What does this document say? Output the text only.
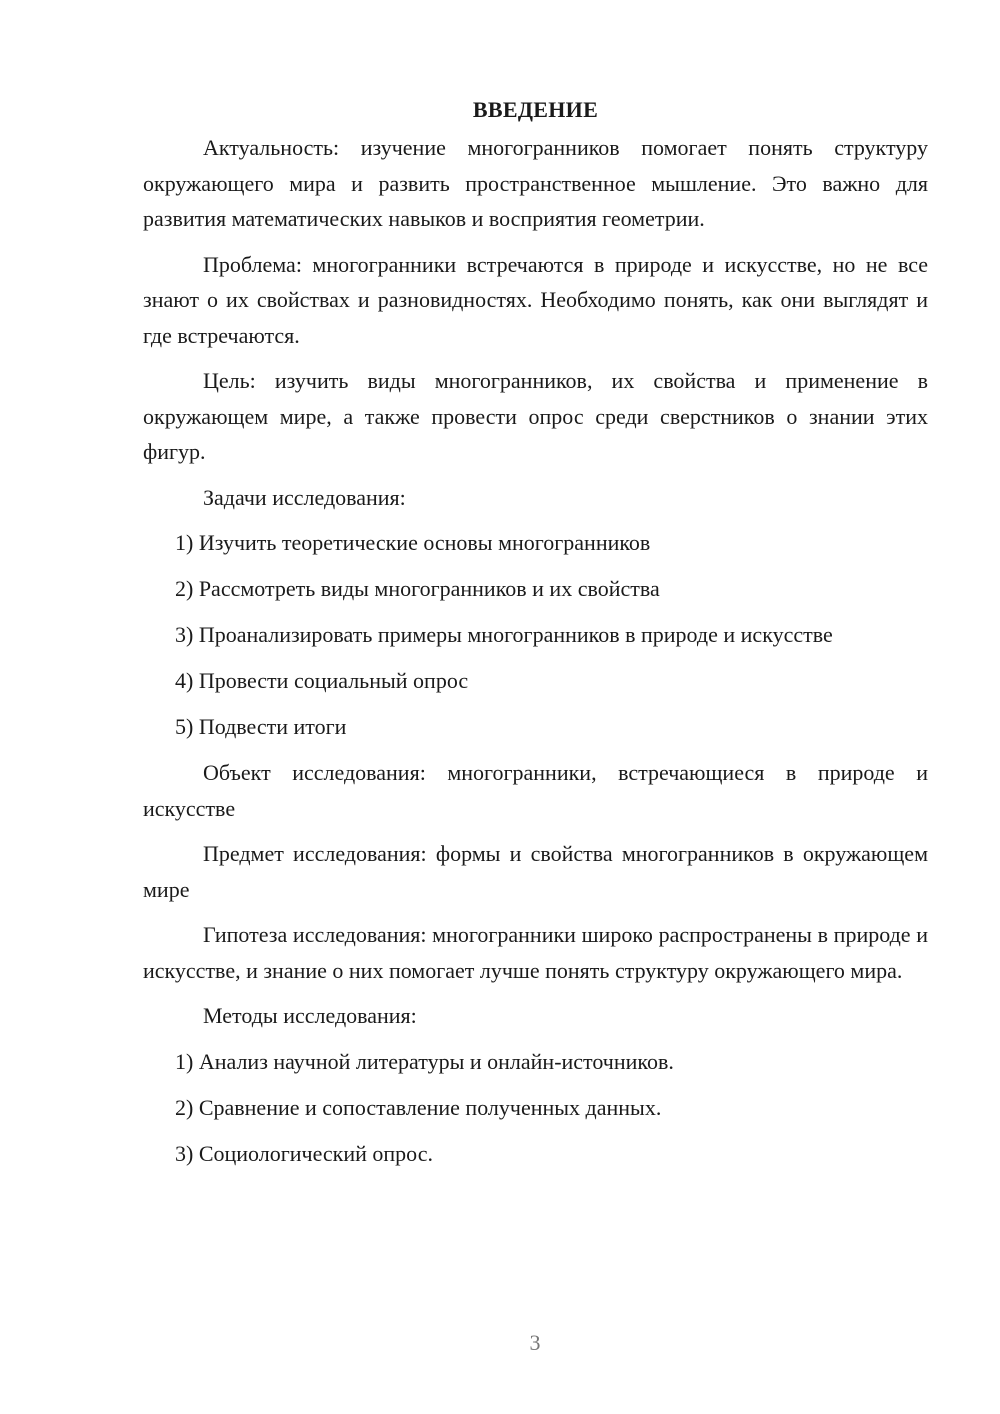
ВВЕДЕНИЕ

Актуальность: изучение многогранников помогает понять структуру окружающего мира и развить пространственное мышление. Это важно для развития математических навыков и восприятия геометрии.

Проблема: многогранники встречаются в природе и искусстве, но не все знают о их свойствах и разновидностях. Необходимо понять, как они выглядят и где встречаются.

Цель: изучить виды многогранников, их свойства и применение в окружающем мире, а также провести опрос среди сверстников о знании этих фигур.

Задачи исследования:

1) Изучить теоретические основы многогранников
2) Рассмотреть виды многогранников и их свойства
3) Проанализировать примеры многогранников в природе и искусстве
4) Провести социальный опрос
5) Подвести итоги

Объект исследования: многогранники, встречающиеся в природе и искусстве

Предмет исследования: формы и свойства многогранников в окружающем мире

Гипотеза исследования: многогранники широко распространены в природе и искусстве, и знание о них помогает лучше понять структуру окружающего мира.

Методы исследования:

1) Анализ научной литературы и онлайн-источников.
2) Сравнение и сопоставление полученных данных.
3) Социологический опрос.
3
